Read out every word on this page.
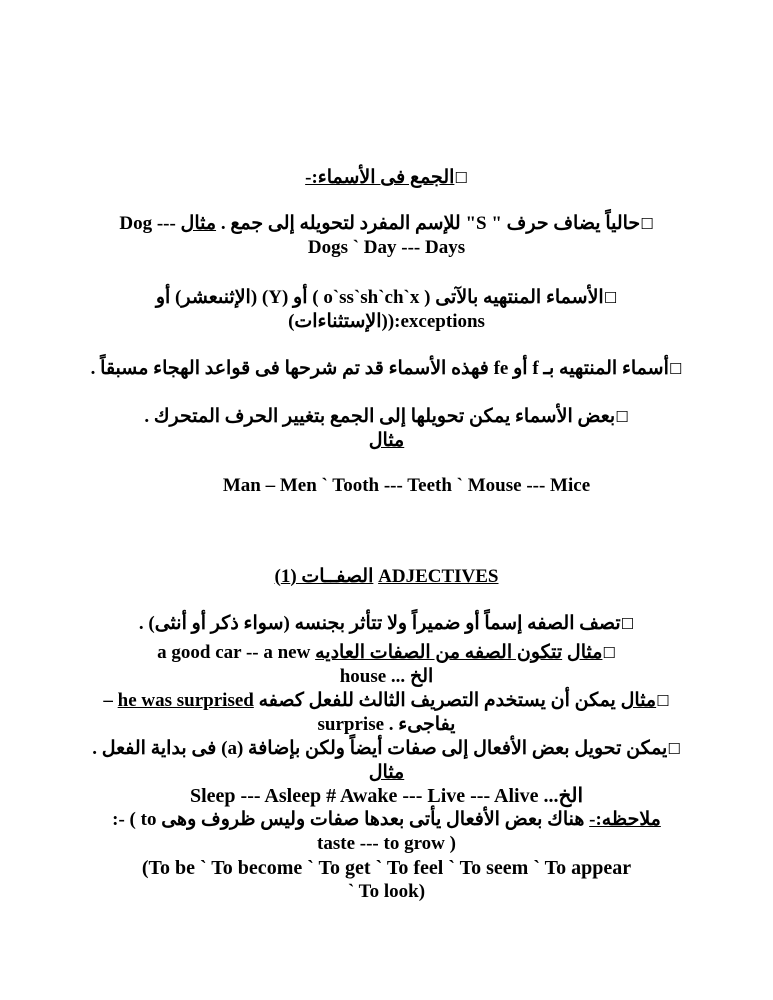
☐الجمع فى الأسماء:-
☐حالياً يضاف حرف " S" للإسم المفرد لتحويله إلى جمع . مثال Dog ---
Dogs ` Day --- Days
☐الأسماء المنتهيه بالآتى ( o`ss`sh`ch`x ) أو (Y) (الإثنىعشر) أو
(الإستثناءات)):exceptions
☐أسماء المنتهيه بـ f أو fe فهذه الأسماء قد تم شرحها فى قواعد الهجاء مسبقاً .
☐بعض الأسماء يمكن تحويلها إلى الجمع بتغيير الحرف المتحرك .
مثال
Man – Men ` Tooth --- Teeth ` Mouse --- Mice
الصفــات (1) ADJECTIVES
☐تصف الصفه إسماً أو ضميراً ولا تتأثر بجنسه (سواء ذكر أو أنثى) .
☐مثال تتكون الصفه من الصفات العاديه a good car -- a new
house ... الخ
☐مثال يمكن أن يستخدم التصريف الثالث للفعل كصفه he was surprised –
surprise . يفاجىء
☐يمكن تحويل بعض الأفعال إلى صفات أيضاً ولكن بإضافة (a) فى بداية الفعل .
مثال
Sleep --- Asleep # Awake --- Live --- Alive ...الخ
ملاحظه:- هناك بعض الأفعال يأتى بعدها صفات وليس ظروف وهى :- ( to
taste --- to grow )
(To be ` To become ` To get ` To feel ` To seem ` To appear
` To look)
